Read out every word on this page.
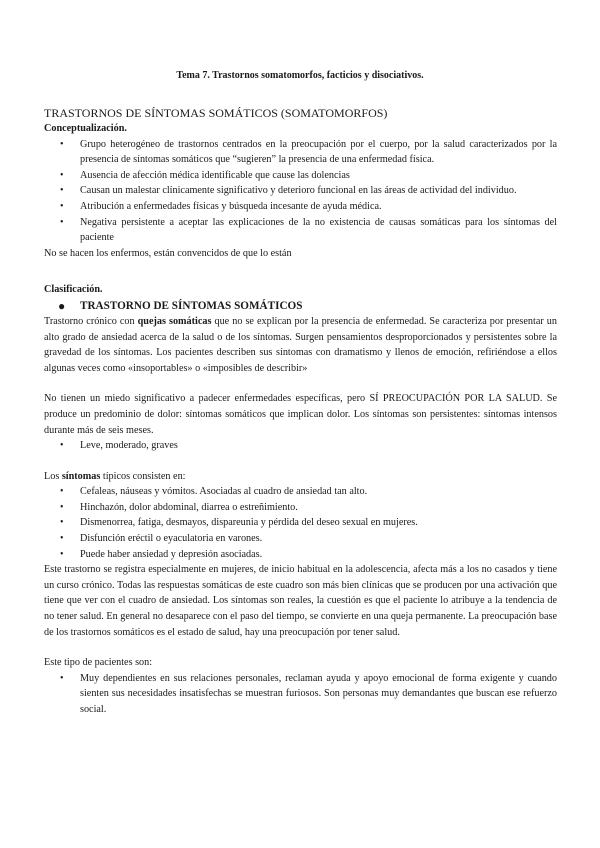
Tema 7. Trastornos somatomorfos, facticios y disociativos.

TRASTORNOS DE SÍNTOMAS SOMÁTICOS (SOMATOMORFOS)

Conceptualización.

• Grupo heterogéneo de trastornos centrados en la preocupación por el cuerpo, por la salud caracterizados por la presencia de síntomas somáticos que “sugieren” la presencia de una enfermedad física.
• Ausencia de afección médica identificable que cause las dolencias
• Causan un malestar clínicamente significativo y deterioro funcional en las áreas de actividad del individuo.
• Atribución a enfermedades físicas y búsqueda incesante de ayuda médica.
• Negativa persistente a aceptar las explicaciones de la no existencia de causas somáticas para los síntomas del paciente

No se hacen los enfermos, están convencidos de que lo están

Clasificación.

● TRASTORNO DE SÍNTOMAS SOMÁTICOS

Trastorno crónico con quejas somáticas que no se explican por la presencia de enfermedad. Se caracteriza por presentar un alto grado de ansiedad acerca de la salud o de los síntomas. Surgen pensamientos desproporcionados y persistentes sobre la gravedad de los síntomas. Los pacientes describen sus síntomas con dramatismo y llenos de emoción, refiriéndose a ellos algunas veces como «insoportables» o «imposibles de describir»

No tienen un miedo significativo a padecer enfermedades específicas, pero SÍ PREOCUPACIÓN POR LA SALUD. Se produce un predominio de dolor: síntomas somáticos que implican dolor. Los síntomas son persistentes: síntomas intensos durante más de seis meses.

• Leve, moderado, graves

Los síntomas típicos consisten en:

• Cefaleas, náuseas y vómitos. Asociadas al cuadro de ansiedad tan alto.
• Hinchazón, dolor abdominal, diarrea o estreñimiento.
• Dismenorrea, fatiga, desmayos, dispareunia y pérdida del deseo sexual en mujeres.
• Disfunción eréctil o eyaculatoria en varones.
• Puede haber ansiedad y depresión asociadas.

Este trastorno se registra especialmente en mujeres, de inicio habitual en la adolescencia, afecta más a los no casados y tiene un curso crónico. Todas las respuestas somáticas de este cuadro son más bien clínicas que se producen por una activación que tiene que ver con el cuadro de ansiedad. Los síntomas son reales, la cuestión es que el paciente lo atribuye a la tendencia de no tener salud. En general no desaparece con el paso del tiempo, se convierte en una queja permanente. La preocupación base de los trastornos somáticos es el estado de salud, hay una preocupación por tener salud.

Este tipo de pacientes son:

• Muy dependientes en sus relaciones personales, reclaman ayuda y apoyo emocional de forma exigente y cuando sienten sus necesidades insatisfechas se muestran furiosos. Son personas muy demandantes que buscan ese refuerzo social.
